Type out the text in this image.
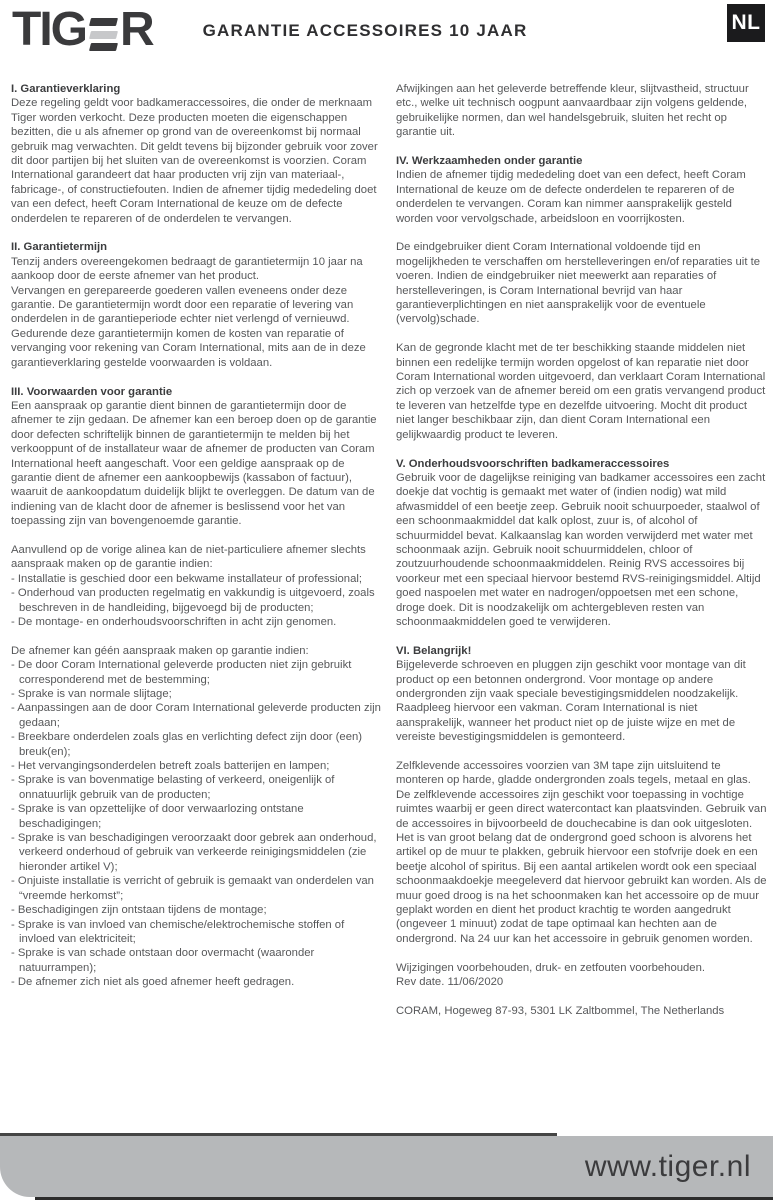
TIG R	GARANTIE ACCESSOIRES 10 JAAR	NL
I. Garantieverklaring
Deze regeling geldt voor badkameraccessoires, die onder de merknaam Tiger worden verkocht. Deze producten moeten die eigenschappen bezitten, die u als afnemer op grond van de overeenkomst bij normaal gebruik mag verwachten. Dit geldt tevens bij bijzonder gebruik voor zover dit door partijen bij het sluiten van de overeenkomst is voorzien. Coram International garandeert dat haar producten vrij zijn van materiaal-, fabricage-, of constructiefouten. Indien de afnemer tijdig mededeling doet van een defect, heeft Coram International de keuze om de defecte onderdelen te repareren of de onderdelen te vervangen.
II. Garantietermijn
Tenzij anders overeengekomen bedraagt de garantietermijn 10 jaar na aankoop door de eerste afnemer van het product.
Vervangen en gerepareerde goederen vallen eveneens onder deze garantie. De garantietermijn wordt door een reparatie of levering van onderdelen in de garantieperiode echter niet verlengd of vernieuwd.
Gedurende deze garantietermijn komen de kosten van reparatie of vervanging voor rekening van Coram International, mits aan de in deze garantieverklaring gestelde voorwaarden is voldaan.
III. Voorwaarden voor garantie
Een aanspraak op garantie dient binnen de garantietermijn door de afnemer te zijn gedaan. De afnemer kan een beroep doen op de garantie door defecten schriftelijk binnen de garantietermijn te melden bij het verkooppunt of de installateur waar de afnemer de producten van Coram International heeft aangeschaft. Voor een geldige aanspraak op de garantie dient de afnemer een aankoopbewijs (kassabon of factuur), waaruit de aankoopdatum duidelijk blijkt te overleggen. De datum van de indiening van de klacht door de afnemer is beslissend voor het van toepassing zijn van bovengenoemde garantie.
Aanvullend op de vorige alinea kan de niet-particuliere afnemer slechts aanspraak maken op de garantie indien:
- Installatie is geschied door een bekwame installateur of professional;
- Onderhoud van producten regelmatig en vakkundig is uitgevoerd, zoals beschreven in de handleiding, bijgevoegd bij de producten;
- De montage- en onderhoudsvoorschriften in acht zijn genomen.
De afnemer kan géén aanspraak maken op garantie indien:
- De door Coram International geleverde producten niet zijn gebruikt corresponderend met de bestemming;
- Sprake is van normale slijtage;
- Aanpassingen aan de door Coram International geleverde producten zijn gedaan;
- Breekbare onderdelen zoals glas en verlichting defect zijn door (een) breuk(en);
- Het vervangingsonderdelen betreft zoals batterijen en lampen;
- Sprake is van bovenmatige belasting of verkeerd, oneigenlijk of onnatuurlijk gebruik van de producten;
- Sprake is van opzettelijke of door verwaarlozing ontstane beschadigingen;
- Sprake is van beschadigingen veroorzaakt door gebrek aan onderhoud, verkeerd onderhoud of gebruik van verkeerde reinigingsmiddelen (zie hieronder artikel V);
- Onjuiste installatie is verricht of gebruik is gemaakt van onderdelen van “vreemde herkomst”;
- Beschadigingen zijn ontstaan tijdens de montage;
- Sprake is van invloed van chemische/elektrochemische stoffen of invloed van elektriciteit;
- Sprake is van schade ontstaan door overmacht (waaronder natuurrampen);
- De afnemer zich niet als goed afnemer heeft gedragen.
Afwijkingen aan het geleverde betreffende kleur, slijtvastheid, structuur etc., welke uit technisch oogpunt aanvaardbaar zijn volgens geldende, gebruikelijke normen, dan wel handelsgebruik, sluiten het recht op garantie uit.
IV. Werkzaamheden onder garantie
Indien de afnemer tijdig mededeling doet van een defect, heeft Coram International de keuze om de defecte onderdelen te repareren of de onderdelen te vervangen. Coram kan nimmer aansprakelijk gesteld worden voor vervolgschade, arbeidsloon en voorrijkosten.
De eindgebruiker dient Coram International voldoende tijd en mogelijkheden te verschaffen om herstelleveringen en/of reparaties uit te voeren. Indien de eindgebruiker niet meewerkt aan reparaties of herstelleveringen, is Coram International bevrijd van haar garantieverplichtingen en niet aansprakelijk voor de eventuele (vervolg)schade.
Kan de gegronde klacht met de ter beschikking staande middelen niet binnen een redelijke termijn worden opgelost of kan reparatie niet door Coram International worden uitgevoerd, dan verklaart Coram International zich op verzoek van de afnemer bereid om een gratis vervangend product te leveren van hetzelfde type en dezelfde uitvoering. Mocht dit product niet langer beschikbaar zijn, dan dient Coram International een gelijkwaardig product te leveren.
V. Onderhoudsvoorschriften badkameraccessoires
Gebruik voor de dagelijkse reiniging van badkamer accessoires een zacht doekje dat vochtig is gemaakt met water of (indien nodig) wat mild afwasmiddel of een beetje zeep. Gebruik nooit schuurpoeder, staalwol of een schoonmaakmiddel dat kalk oplost, zuur is, of alcohol of schuurmiddel bevat. Kalkaanslag kan worden verwijderd met water met schoonmaak azijn. Gebruik nooit schuurmiddelen, chloor of zoutzuurhoudende schoonmaakmiddelen. Reinig RVS accessoires bij voorkeur met een speciaal hiervoor bestemd RVS-reinigingsmiddel. Altijd goed naspoelen met water en nadrogen/oppoetsen met een schone, droge doek. Dit is noodzakelijk om achtergebleven resten van schoonmaakmiddelen goed te verwijderen.
VI. Belangrijk!
Bijgeleverde schroeven en pluggen zijn geschikt voor montage van dit product op een betonnen ondergrond. Voor montage op andere ondergronden zijn vaak speciale bevestigingsmiddelen noodzakelijk. Raadpleeg hiervoor een vakman. Coram International is niet aansprakelijk, wanneer het product niet op de juiste wijze en met de vereiste bevestigingsmiddelen is gemonteerd.
Zelfklevende accessoires voorzien van 3M tape zijn uitsluitend te monteren op harde, gladde ondergronden zoals tegels, metaal en glas. De zelfklevende accessoires zijn geschikt voor toepassing in vochtige ruimtes waarbij er geen direct watercontact kan plaatsvinden. Gebruik van de accessoires in bijvoorbeeld de douchecabine is dan ook uitgesloten. Het is van groot belang dat de ondergrond goed schoon is alvorens het artikel op de muur te plakken, gebruik hiervoor een stofvrije doek en een beetje alcohol of spiritus. Bij een aantal artikelen wordt ook een speciaal schoonmaakdoekje meegeleverd dat hiervoor gebruikt kan worden. Als de muur goed droog is na het schoonmaken kan het accessoire op de muur geplakt worden en dient het product krachtig te worden aangedrukt (ongeveer 1 minuut) zodat de tape optimaal kan hechten aan de ondergrond. Na 24 uur kan het accessoire in gebruik genomen worden.
Wijzigingen voorbehouden, druk- en zetfouten voorbehouden.
Rev date. 11/06/2020
CORAM, Hogeweg 87-93, 5301 LK Zaltbommel, The Netherlands
www.tiger.nl
